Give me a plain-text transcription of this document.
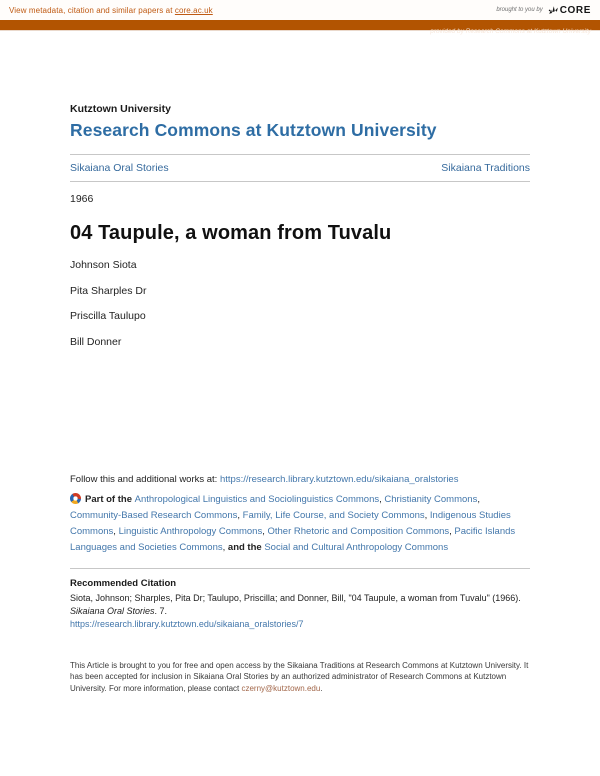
View metadata, citation and similar papers at core.ac.uk	brought to you by CORE
provided by Research Commons at Kutztown University
Kutztown University
Research Commons at Kutztown University
Sikaiana Oral Stories	Sikaiana Traditions
1966
04 Taupule, a woman from Tuvalu

Johnson Siota

Pita Sharples Dr

Priscilla Taulupo

Bill Donner

Follow this and additional works at: https://research.library.kutztown.edu/sikaiana_oralstories

Part of the Anthropological Linguistics and Sociolinguistics Commons, Christianity Commons, Community-Based Research Commons, Family, Life Course, and Society Commons, Indigenous Studies Commons, Linguistic Anthropology Commons, Other Rhetoric and Composition Commons, Pacific Islands Languages and Societies Commons, and the Social and Cultural Anthropology Commons

Recommended Citation

Siota, Johnson; Sharples, Pita Dr; Taulupo, Priscilla; and Donner, Bill, "04 Taupule, a woman from Tuvalu" (1966). Sikaiana Oral Stories. 7.

https://research.library.kutztown.edu/sikaiana_oralstories/7

This Article is brought to you for free and open access by the Sikaiana Traditions at Research Commons at Kutztown University. It has been accepted for inclusion in Sikaiana Oral Stories by an authorized administrator of Research Commons at Kutztown University. For more information, please contact czerny@kutztown.edu.
